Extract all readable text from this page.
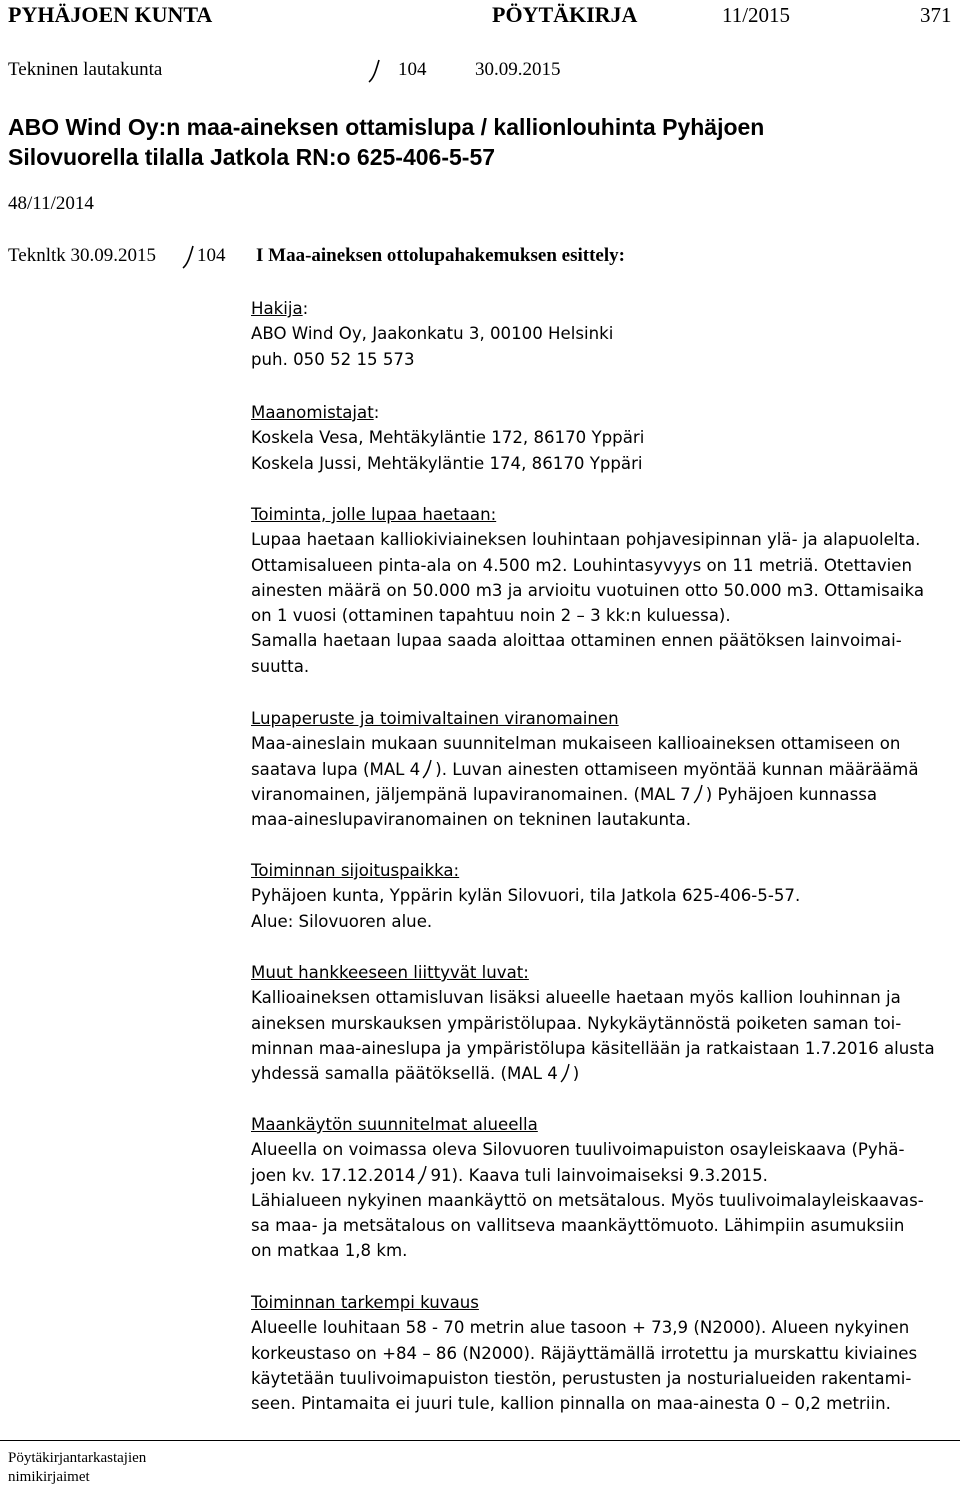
PYHÄJOEN KUNTA	PÖYTÄKIRJA	11/2015	371
Tekninen lautakunta	104	30.09.2015
ABO Wind Oy:n maa-aineksen ottamislupa / kallionlouhinta Pyhäjoen
Silovuorella tilalla Jatkola RN:o 625-406-5-57
48/11/2014
Teknltk 30.09.2015 104 I Maa-aineksen ottolupahakemuksen esittely:

Hakija:

ABO Wind Oy, Jaakonkatu 3, 00100 Helsinki

puh. 050 52 15 573

Maanomistajat:

Koskela Vesa, Mehtäkyläntie 172, 86170 Yppäri

Koskela Jussi, Mehtäkyläntie 174, 86170 Yppäri

Toiminta, jolle lupaa haetaan:

Lupaa haetaan kalliokiviaineksen louhintaan pohjavesipinnan ylä- ja alapuolelta.

Ottamisalueen pinta-ala on 4.500 m2. Louhintasyvyys on 11 metriä. Otettavien

ainesten määrä on 50.000 m3 ja arvioitu vuotuinen otto 50.000 m3. Ottamisaika

on 1 vuosi (ottaminen tapahtuu noin 2 – 3 kk:n kuluessa).

Samalla haetaan lupaa saada aloittaa ottaminen ennen päätöksen lainvoimai-

suutta.

Lupaperuste ja toimivaltainen viranomainen

Maa-aineslain mukaan suunnitelman mukaiseen kallioaineksen ottamiseen on

saatava lupa (MAL 4 ). Luvan ainesten ottamiseen myöntää kunnan määräämä

viranomainen, jäljempänä lupaviranomainen. (MAL 7 ) Pyhäjoen kunnassa

maa-aineslupaviranomainen on tekninen lautakunta.

Toiminnan sijoituspaikka:

Pyhäjoen kunta, Yppärin kylän Silovuori, tila Jatkola 625-406-5-57.

Alue: Silovuoren alue.

Muut hankkeeseen liittyvät luvat:

Kallioaineksen ottamisluvan lisäksi alueelle haetaan myös kallion louhinnan ja

aineksen murskauksen ympäristölupaa. Nykykäytännöstä poiketen saman toi-

minnan maa-aineslupa ja ympäristölupa käsitellään ja ratkaistaan 1.7.2016 alusta

yhdessä samalla päätöksellä. (MAL 4 )

Maankäytön suunnitelmat alueella

Alueella on voimassa oleva Silovuoren tuulivoimapuiston osayleiskaava (Pyhä-

joen kv. 17.12.2014 91). Kaava tuli lainvoimaiseksi 9.3.2015.

Lähialueen nykyinen maankäyttö on metsätalous. Myös tuulivoimalayleiskaavas-

sa maa- ja metsätalous on vallitseva maankäyttömuoto. Lähimpiin asumuksiin

on matkaa 1,8 km.

Toiminnan tarkempi kuvaus

Alueelle louhitaan 58 - 70 metrin alue tasoon + 73,9 (N2000). Alueen nykyinen

korkeustaso on +84 – 86 (N2000). Räjäyttämällä irrotettu ja murskattu kiviaines

käytetään tuulivoimapuiston tiestön, perustusten ja nosturialueiden rakentami-

seen. Pintamaita ei juuri tule, kallion pinnalla on maa-ainesta 0 – 0,2 metriin.

Pöytäkirjantarkastajien
nimikirjaimet
